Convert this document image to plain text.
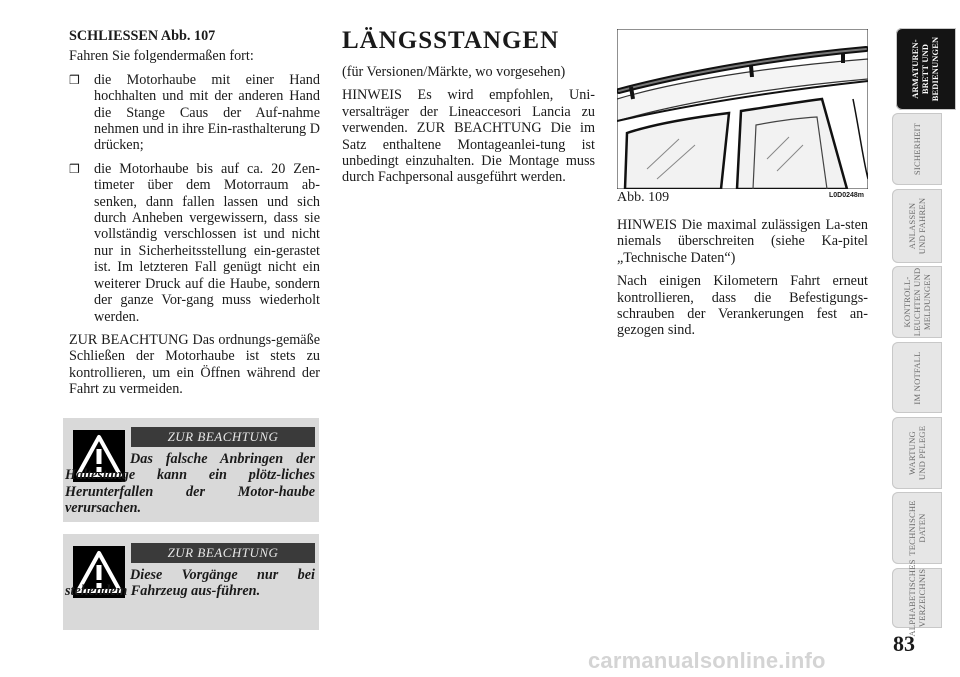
SCHLIESSEN Abb. 107

Fahren Sie folgendermaßen fort:

❒	die Motorhaube mit einer Hand hochhalten und mit der anderen Hand die Stange Caus der Auf-nahme nehmen und in ihre Ein-rasthalterung D drücken;
❒	die Motorhaube bis auf ca. 20 Zen-timeter über dem Motorraum ab-senken, dann fallen lassen und sich durch Anheben vergewissern, dass sie vollständig verschlossen ist und nicht nur in Sicherheitsstellung ein-gerastet ist. Im letzteren Fall genügt nicht ein weiterer Druck auf die Haube, sondern der ganze Vor-gang muss wiederholt werden.

ZUR BEACHTUNG Das ordnungs-gemäße Schließen der Motorhaube ist stets zu kontrollieren, um ein Öffnen während der Fahrt zu vermeiden.

ZUR BEACHTUNG
Das falsche Anbringen der Haltestange kann ein plötz-liches Herunterfallen der Motor-haube verursachen.
ZUR BEACHTUNG
Diese Vorgänge nur bei stehendem Fahrzeug aus-führen.

LÄNGSSTANGEN

(für Versionen/Märkte, wo vorgesehen)

HINWEIS Es wird empfohlen, Uni-versalträger der Lineaccesori Lancia zu verwenden. ZUR BEACHTUNG Die im Satz enthaltene Montageanlei-tung ist unbedingt einzuhalten. Die Montage muss durch Fachpersonal ausgeführt werden.

Abb. 109	L0D0248m

HINWEIS Die maximal zulässigen La-sten niemals überschreiten (siehe Ka-pitel „Technische Daten“)

Nach einigen Kilometern Fahrt erneut kontrollieren, dass die Befestigungs-schrauben der Verankerungen fest an-gezogen sind.

ARMATUREN-
BRETT UND
BEDIENUNGEN
SICHERHEIT
ANLASSEN
UND FAHREN
KONTROLL-
LEUCHTEN UND
MELDUNGEN
IM NOTFALL
WARTUNG
UND PFLEGE
TECHNISCHE
DATEN
ALPHABETISCHES
VERZEICHNIS
83
carmanualsonline.info
